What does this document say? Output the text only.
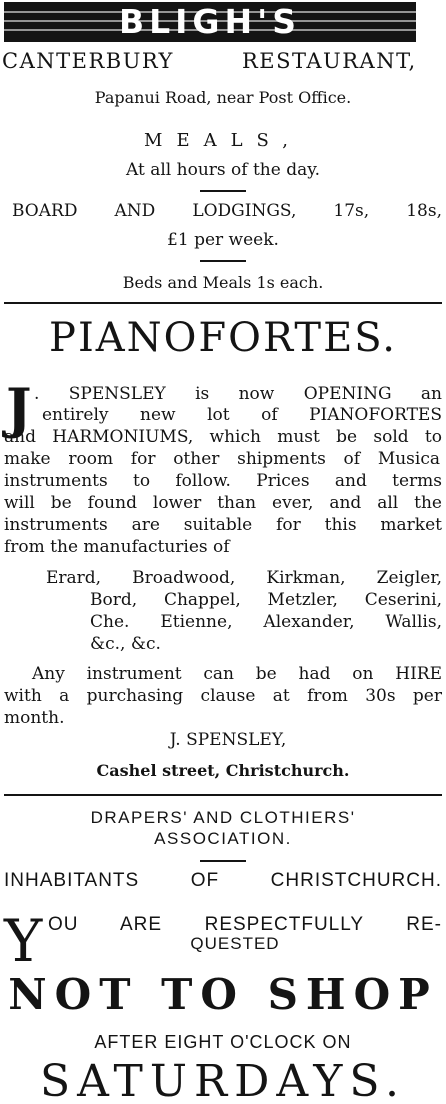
BLIGH'S
CANTERBURY	RESTAURANT,
Papanui Road, near Post Office.
MEALS,
At all hours of the day.
BOARD AND LODGINGS, 17s, 18s,
£1 per week.
Beds and Meals 1s each.
PIANOFORTES.
J . SPENSLEY is now OPENING an
entirely new lot of PIANOFORTES
and HARMONIUMS, which must be sold to
make room for other shipments of Musica
instruments to follow. Prices and terms
will be found lower than ever, and all the
instruments are suitable for this market
from the manufacturies of
Erard, Broadwood, Kirkman, Zeigler,
Bord, Chappel, Metzler, Ceserini,
Che. Etienne, Alexander, Wallis,
&c., &c.
Any instrument can be had on HIRE
with a purchasing clause at from 30s per
month.
J. SPENSLEY,
Cashel street, Christchurch.
DRAPERS' AND CLOTHIERS'
ASSOCIATION.
INHABITANTS OF CHRISTCHURCH.
Y OU ARE RESPECTFULLY RE-
QUESTED
NOT TO SHOP
AFTER EIGHT O'CLOCK ON
SATURDAYS.
